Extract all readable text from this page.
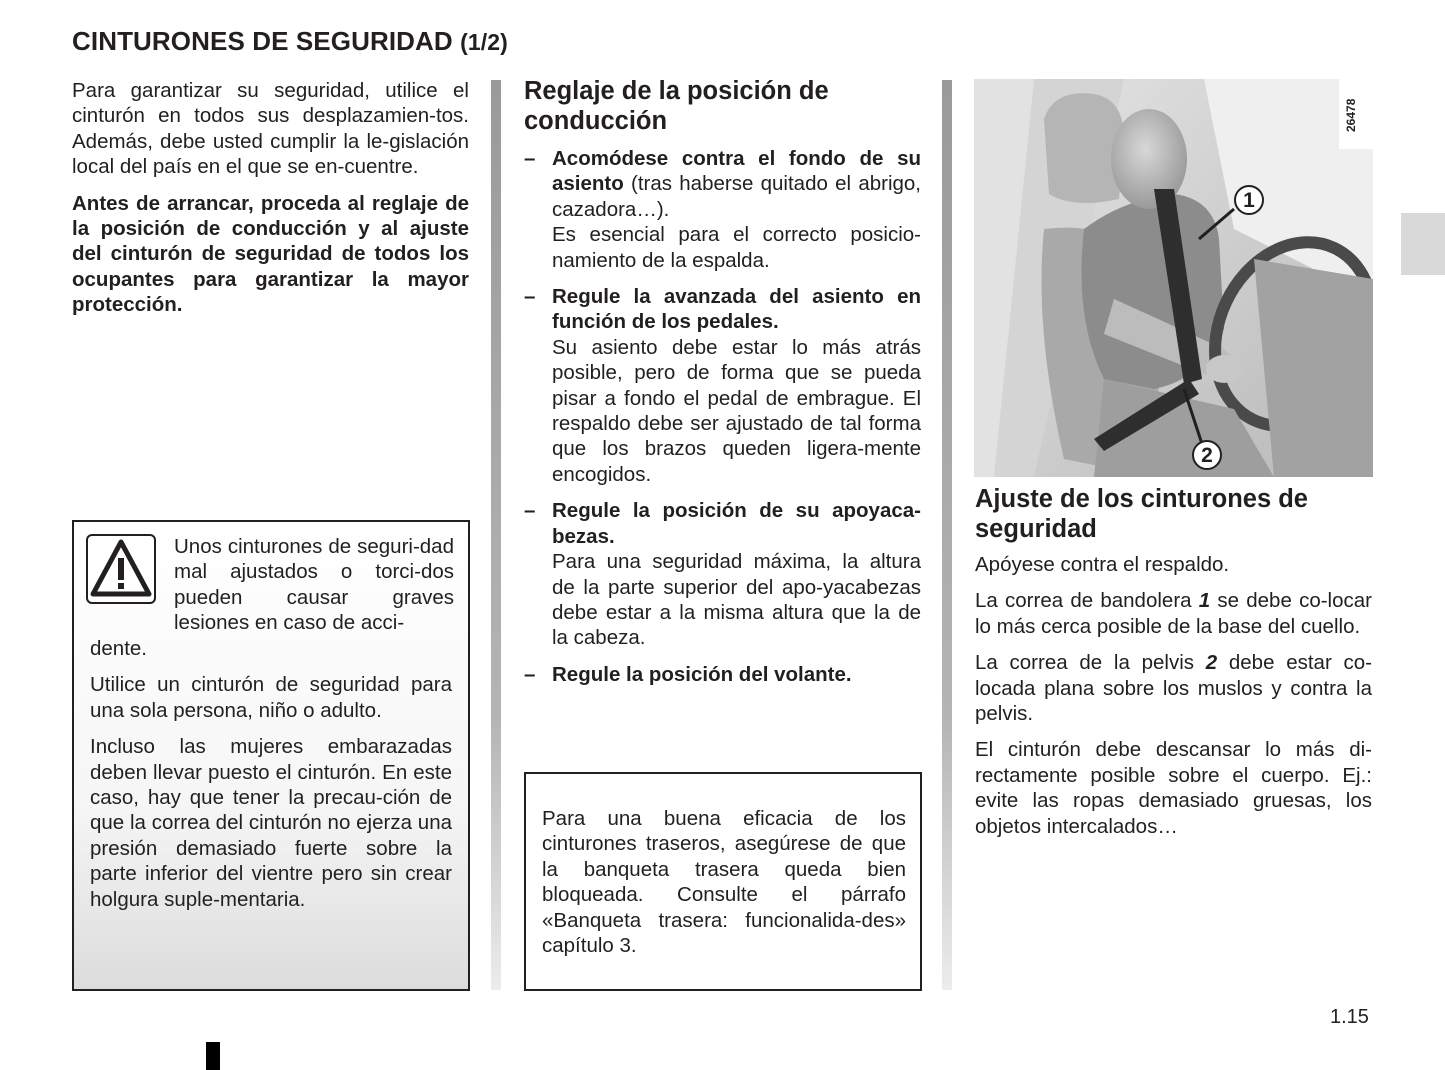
CINTURONES DE SEGURIDAD (1/2)

Para garantizar su seguridad, utilice el cinturón en todos sus desplazamien-tos. Además, debe usted cumplir la le-gislación local del país en el que se en-cuentre.

Antes de arrancar, proceda al reglaje de la posición de conducción y al ajuste del cinturón de seguridad de todos los ocupantes para garantizar la mayor protección.

Unos cinturones de seguri-dad mal ajustados o torci-dos pueden causar graves lesiones en caso de acci-

dente.

Utilice un cinturón de seguridad para una sola persona, niño o adulto.

Incluso las mujeres embarazadas deben llevar puesto el cinturón. En este caso, hay que tener la precau-ción de que la correa del cinturón no ejerza una presión demasiado fuerte sobre la parte inferior del vientre pero sin crear holgura suple-mentaria.

Reglaje de la posición de conducción

– Acomódese contra el fondo de su asiento (tras haberse quitado el abrigo, cazadora…).
Es esencial para el correcto posicio-namiento de la espalda.
– Regule la avanzada del asiento en función de los pedales.
Su asiento debe estar lo más atrás posible, pero de forma que se pueda pisar a fondo el pedal de embrague. El respaldo debe ser ajustado de tal forma que los brazos queden ligera-mente encogidos.
– Regule la posición de su apoyaca-bezas.
Para una seguridad máxima, la altura de la parte superior del apo-yacabezas debe estar a la misma altura que la de la cabeza.
– Regule la posición del volante.

Para una buena eficacia de los cinturones traseros, asegúrese de que la banqueta trasera queda bien bloqueada. Consulte el párrafo «Banqueta trasera: funcionalida-des» capítulo 3.

26478
1
2

Ajuste de los cinturones de seguridad

Apóyese contra el respaldo.

La correa de bandolera 1 se debe co-locar lo más cerca posible de la base del cuello.

La correa de la pelvis 2 debe estar co-locada plana sobre los muslos y contra la pelvis.

El cinturón debe descansar lo más di-rectamente posible sobre el cuerpo. Ej.: evite las ropas demasiado gruesas, los objetos intercalados…

1.15
